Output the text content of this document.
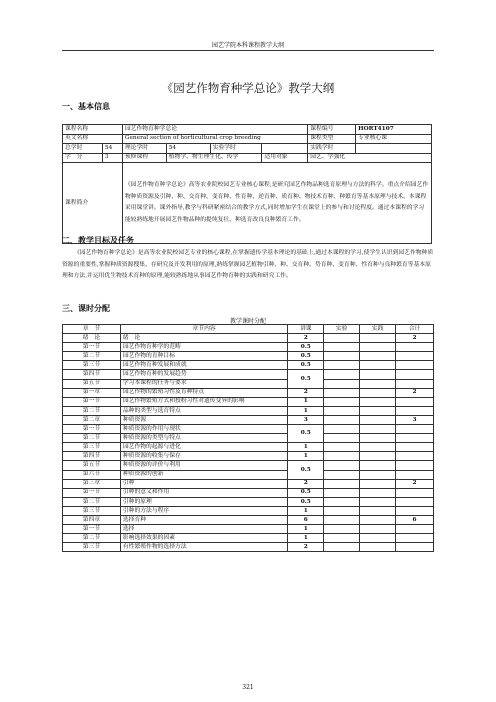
园艺学院本科课程教学大纲
《园艺作物育种学总论》教学大纲
一、基本信息
课程名称		园艺作物育种学总论				课程编号	HORT4107
英文名称		General section of horticultural crop breeding				课程类型	专业核心课
总学时	54	理论学时	54	实验学时		实践学时	
学　分	3	预修课程	植物学、物生理生化、传学		适用对象	园艺、学强化	
课程简介		《园艺作物育种学总论》高等农业院校园艺专业核心课程,是研究园艺作物品种选育原理与方法的科学。重点介绍园艺作物种质资源及引种、种、交育种、变育种、性育种、逆育种、质育种、物技术育种、种繁育等基本原理与技术。本课程采用课堂讲。课外指导,教学与科研紧密结合的教学方式,同时增加学生在课堂上的参与和讨论程度。通过本课程的学习能较熟练地开展园艺作物品种的提纯复壮、种选育改良良种繁育工作。					
二、教学目标及任务
《园艺作物育种学总论》是高等农业院校园艺专业的核心课程,在掌握遗传学基本理论的基础上,通过本课程的学习,使学生认识到园艺作物种质资源的重要性,掌握种质资源搜集、存研究及开发利用的原理,熟练掌握园艺植物引种、种、交育种、势育种、变育种、性育种与良种繁育等基本原理和方法,并运用优生物技术育种的原理,能较熟练地从事园艺作物育种的实践和研究工作。
三、课时分配
教学课时分配
章　节	章节内容	讲课	实验	实践	合计
绪　论	绪　论	2			2
第一节	园艺作物育种学的范畴	0.5			
第二节	园艺作物的育种目标	0.5			
第三节	园艺作物育种发展和成就	0.5			
第四节	园艺作物育种的发展趋势	0.5			
第五节	学习本课程的任务与要求				
第一章	园艺作物的繁殖习性及育种特点	2			2
第一节	园艺作物繁殖方式和授粉习性对遗传变异的影响	1			
第二节	品种的类型与选育特点	1			
第二章	种质资源	3			3
第一节	种质资源的作用与现状	0.5			
第二节	种质资源的类型与特点				
第三节	园艺作物的起源与进化	1			
第四节	种质资源的收集与保存	1			
第五节	种质资源的评价与利用	0.5			
第六节	种质资源的创新				
第三章	引种	2			2
第一节	引种的意义和作用	0.5			
第二节	引种的原理	0.5			
第三节	引种的方法与程序	1			
第四章	选择育种	6			6
第一节	选择	1			
第二节	影响选择效果的因素	1			
第三节	有性繁殖作物的选择方法	2			
321
